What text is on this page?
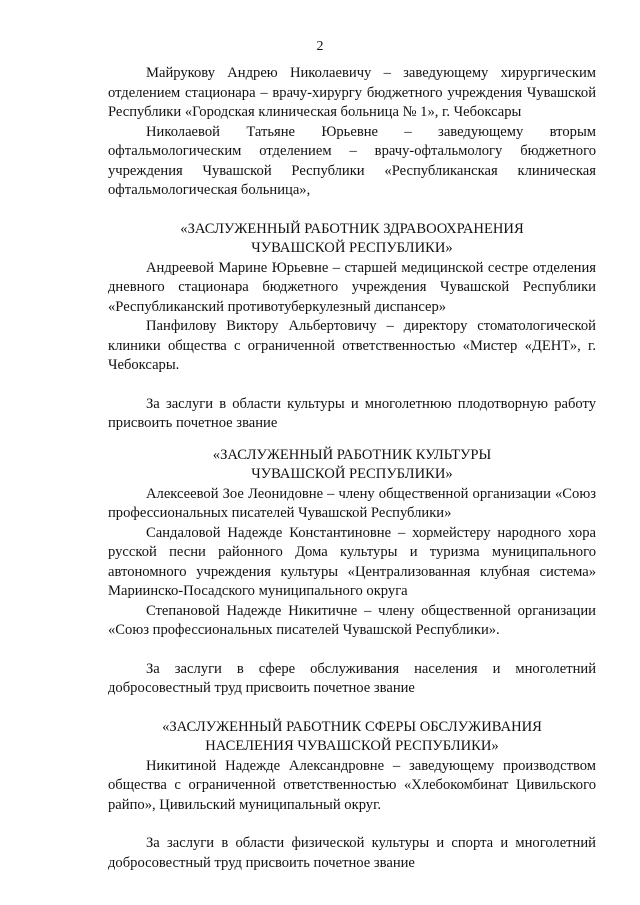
2

Майрукову Андрею Николаевичу – заведующему хирургическим отделением стационара – врачу-хирургу бюджетного учреждения Чувашской Республики «Городская клиническая больница № 1», г. Чебоксары

Николаевой Татьяне Юрьевне – заведующему вторым офтальмологическим отделением – врачу-офтальмологу бюджетного учреждения Чувашской Республики «Республиканская клиническая офтальмологическая больница»,

«ЗАСЛУЖЕННЫЙ РАБОТНИК ЗДРАВООХРАНЕНИЯ
ЧУВАШСКОЙ РЕСПУБЛИКИ»

Андреевой Марине Юрьевне – старшей медицинской сестре отделения дневного стационара бюджетного учреждения Чувашской Республики «Республиканский противотуберкулезный диспансер»

Панфилову Виктору Альбертовичу – директору стоматологической клиники общества с ограниченной ответственностью «Мистер «ДЕНТ», г. Чебоксары.

За заслуги в области культуры и многолетнюю плодотворную работу присвоить почетное звание

«ЗАСЛУЖЕННЫЙ РАБОТНИК КУЛЬТУРЫ
ЧУВАШСКОЙ РЕСПУБЛИКИ»

Алексеевой Зое Леонидовне – члену общественной организации «Союз профессиональных писателей Чувашской Республики»

Сандаловой Надежде Константиновне – хормейстеру народного хора русской песни районного Дома культуры и туризма муниципального автономного учреждения культуры «Централизованная клубная система» Мариинско-Посадского муниципального округа

Степановой Надежде Никитичне – члену общественной организации «Союз профессиональных писателей Чувашской Республики».

За заслуги в сфере обслуживания населения и многолетний добросовестный труд присвоить почетное звание

«ЗАСЛУЖЕННЫЙ РАБОТНИК СФЕРЫ ОБСЛУЖИВАНИЯ
НАСЕЛЕНИЯ ЧУВАШСКОЙ РЕСПУБЛИКИ»

Никитиной Надежде Александровне – заведующему производством общества с ограниченной ответственностью «Хлебокомбинат Цивильского райпо», Цивильский муниципальный округ.

За заслуги в области физической культуры и спорта и многолетний добросовестный труд присвоить почетное звание
